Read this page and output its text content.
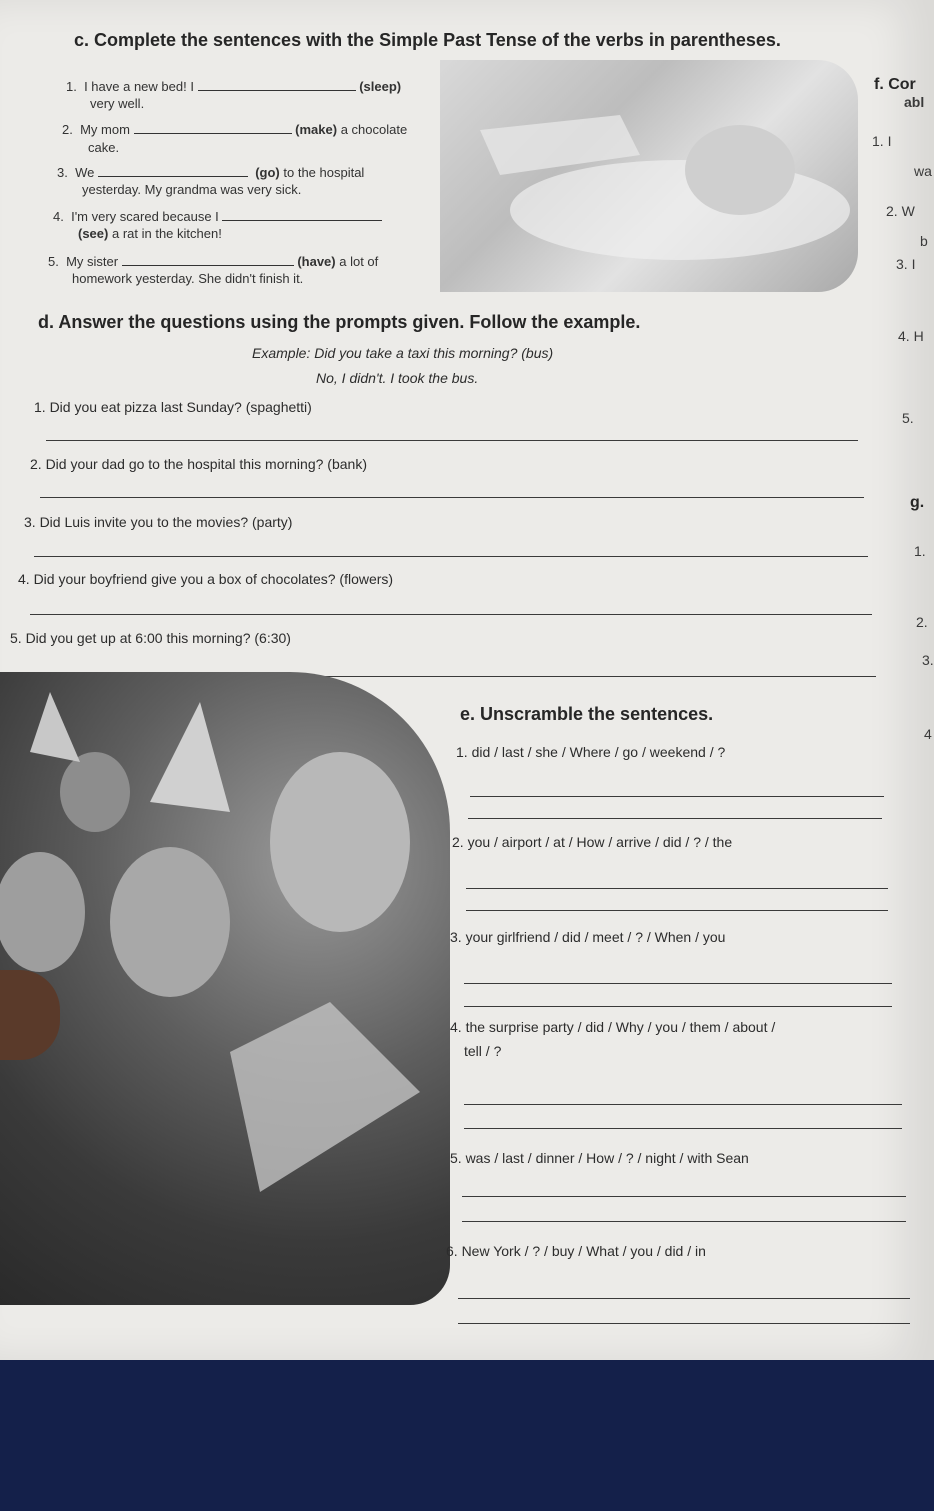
c. Complete the sentences with the Simple Past Tense of the verbs in parentheses.
1. I have a new bed! I	(sleep)
very well.
2. My mom	(make) a chocolate
cake.
3. We	(go) to the hospital
yesterday. My grandma was very sick.
4. I'm very scared because I
(see) a rat in the kitchen!
5. My sister	(have) a lot of
homework yesterday. She didn't finish it.
d. Answer the questions using the prompts given. Follow the example.
Example: Did you take a taxi this morning? (bus)
No, I didn't. I took the bus.
1. Did you eat pizza last Sunday? (spaghetti)
2. Did your dad go to the hospital this morning? (bank)
3. Did Luis invite you to the movies? (party)
4. Did your boyfriend give you a box of chocolates? (flowers)
5. Did you get up at 6:00 this morning? (6:30)
e. Unscramble the sentences.
1. did / last / she / Where / go / weekend / ?
2. you / airport / at / How / arrive / did / ? / the
3. your girlfriend / did / meet / ? / When / you
4. the surprise party / did / Why / you / them / about /
tell / ?
5. was / last / dinner / How / ? / night / with Sean
6. New York / ? / buy / What / you / did / in
f. Cor
abl
1. I
wa
2. W
b
3. I
4. H
5.
g.
1.
2.
3.
4
